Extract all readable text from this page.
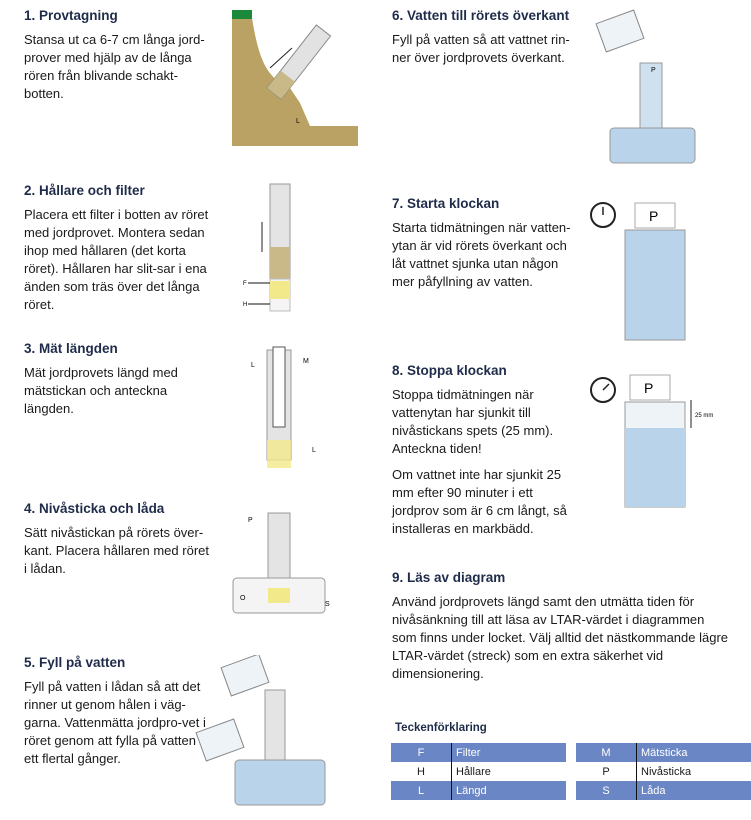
1. Provtagning

Stansa ut ca 6-7 cm långa jord-prover med hjälp av de långa rören från blivande schakt-botten.

2. Hållare och filter

Placera ett filter i botten av röret med jordprovet. Montera sedan ihop med hållaren (det korta röret). Hållaren har slit-sar i ena änden som träs över det långa röret.

3. Mät längden

Mät jordprovets längd med mätstickan och anteckna längden.

4. Nivåsticka och låda

Sätt nivåstickan på rörets över-kant. Placera hållaren med röret i lådan.

5. Fyll på vatten

Fyll på vatten i lådan så att det rinner ut genom hålen i väg-garna. Vattenmätta jordpro-vet i röret genom att fylla på vatten ett flertal gånger.

6. Vatten till rörets överkant

Fyll på vatten så att vattnet rin-ner över jordprovets överkant.

7. Starta klockan

Starta tidmätningen när vatten-ytan är vid rörets överkant och låt vattnet sjunka utan någon mer påfyllning av vatten.

8. Stoppa klockan

Stoppa tidmätningen när vattenytan har sjunkit till nivåstickans spets (25 mm). Anteckna tiden!

Om vattnet inte har sjunkit 25 mm efter 90 minuter i ett jordprov som är 6 cm långt, så installeras en markbädd.

9. Läs av diagram

Använd jordprovets längd samt den utmätta tiden för nivåsänkning till att läsa av LTAR-värdet i diagrammen som finns under locket. Välj alltid det nästkommande lägre LTAR-värdet (streck) som en extra säkerhet vid dimensionering.

L
F
H
M
L
L
P
O
S
P
P
P
25 mm
Teckenförklaring
F	Filter
H	Hållare
L	Längd
M	Mätsticka
P	Nivåsticka
S	Låda
